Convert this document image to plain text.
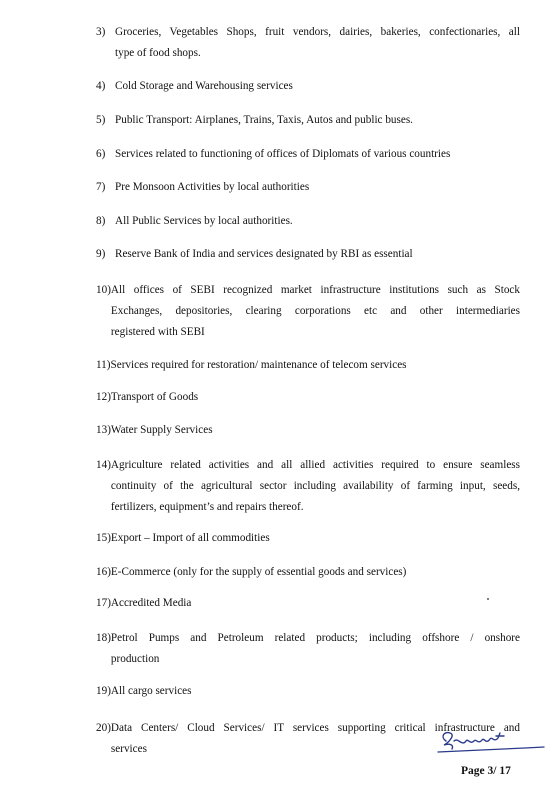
3) Groceries, Vegetables Shops, fruit vendors, dairies, bakeries, confectionaries, all
type of food shops.
4) Cold Storage and Warehousing services
5) Public Transport: Airplanes, Trains, Taxis, Autos and public buses.
6) Services related to functioning of offices of Diplomats of various countries
7) Pre Monsoon Activities by local authorities
8) All Public Services by local authorities.
9) Reserve Bank of India and services designated by RBI as essential
10) All offices of SEBI recognized market infrastructure institutions such as Stock
Exchanges, depositories, clearing corporations etc and other intermediaries
registered with SEBI
11) Services required for restoration/ maintenance of telecom services
12) Transport of Goods
13) Water Supply Services
14) Agriculture related activities and all allied activities required to ensure seamless
continuity of the agricultural sector including availability of farming input, seeds,
fertilizers, equipment’s and repairs thereof.
15) Export – Import of all commodities
16) E-Commerce (only for the supply of essential goods and services)
17) Accredited Media
18) Petrol Pumps and Petroleum related products; including offshore / onshore
production
19) All cargo services
20) Data Centers/ Cloud Services/ IT services supporting critical infrastructure and
services
Page 3/ 17
